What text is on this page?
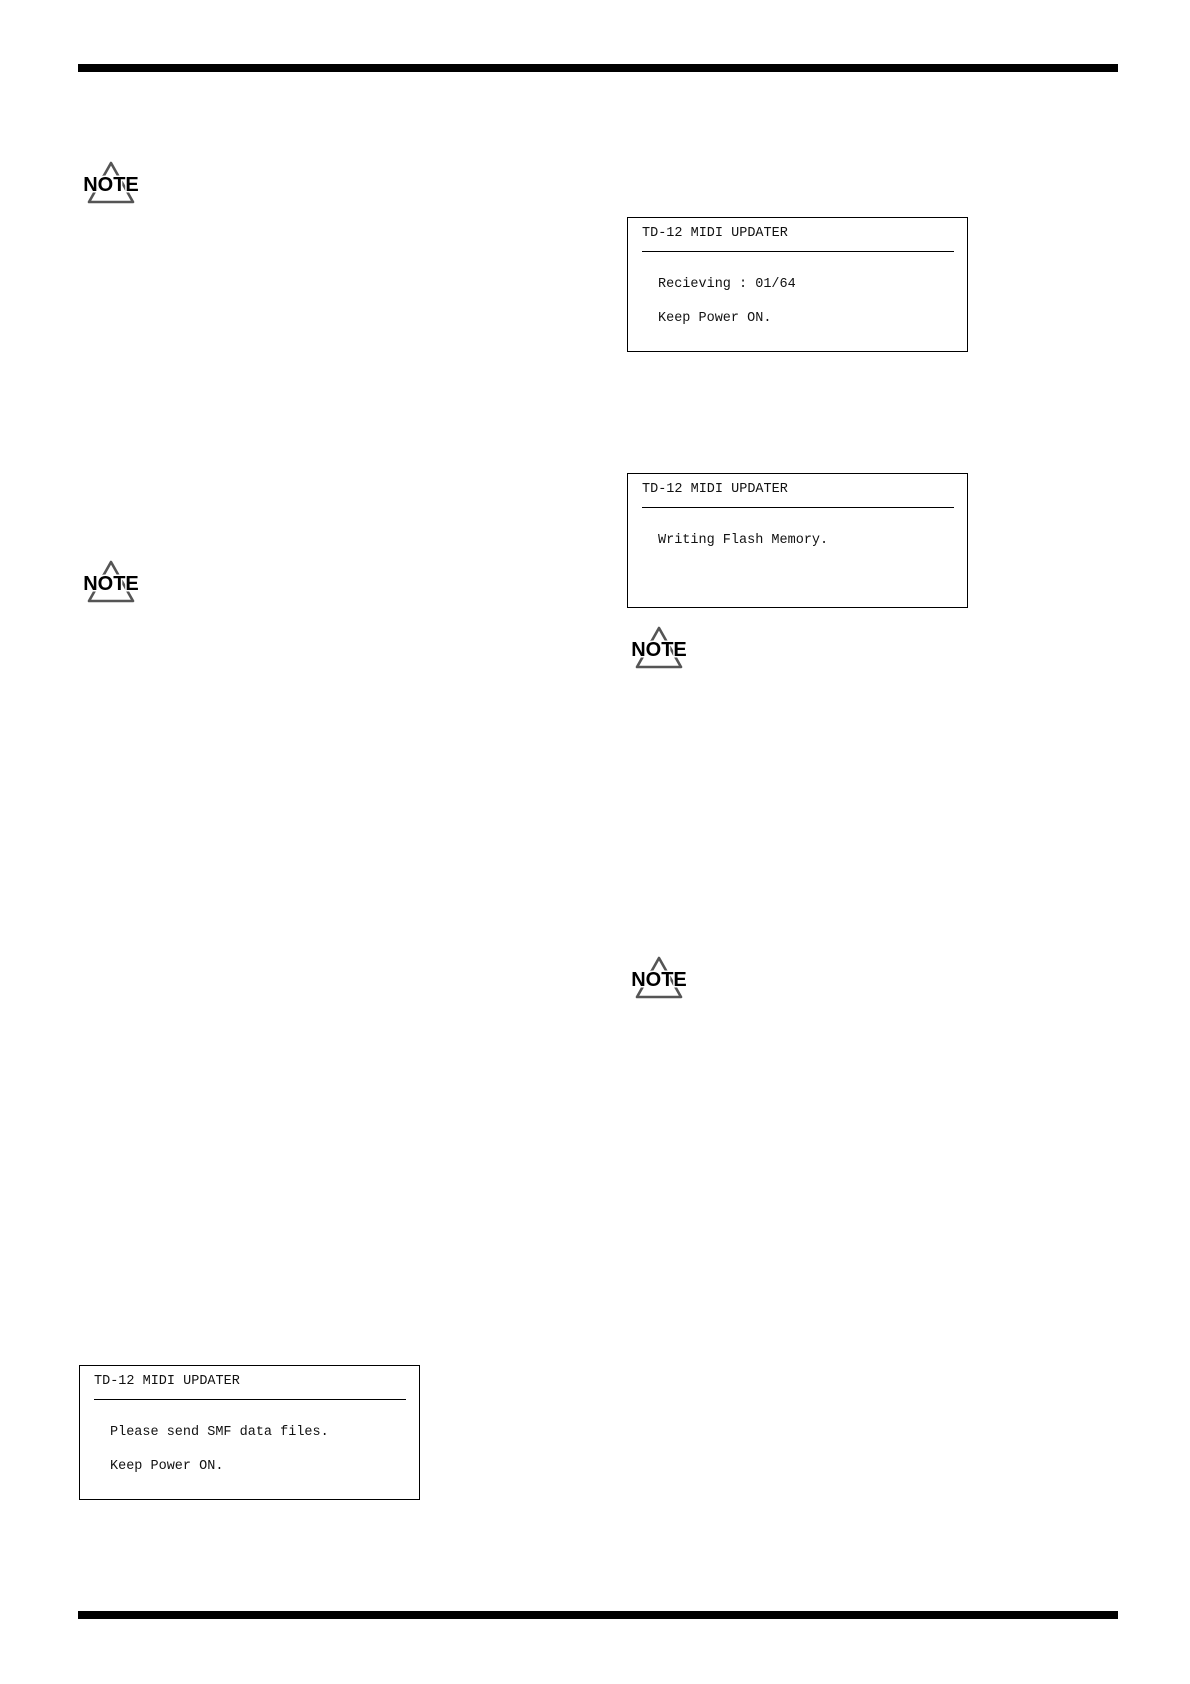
NOTE
NOTE
NOTE
NOTE
TD-12 MIDI UPDATER
Recieving : 01/64
Keep Power ON.
TD-12 MIDI UPDATER
Writing Flash Memory.
TD-12 MIDI UPDATER
Please send SMF data files.
Keep Power ON.
